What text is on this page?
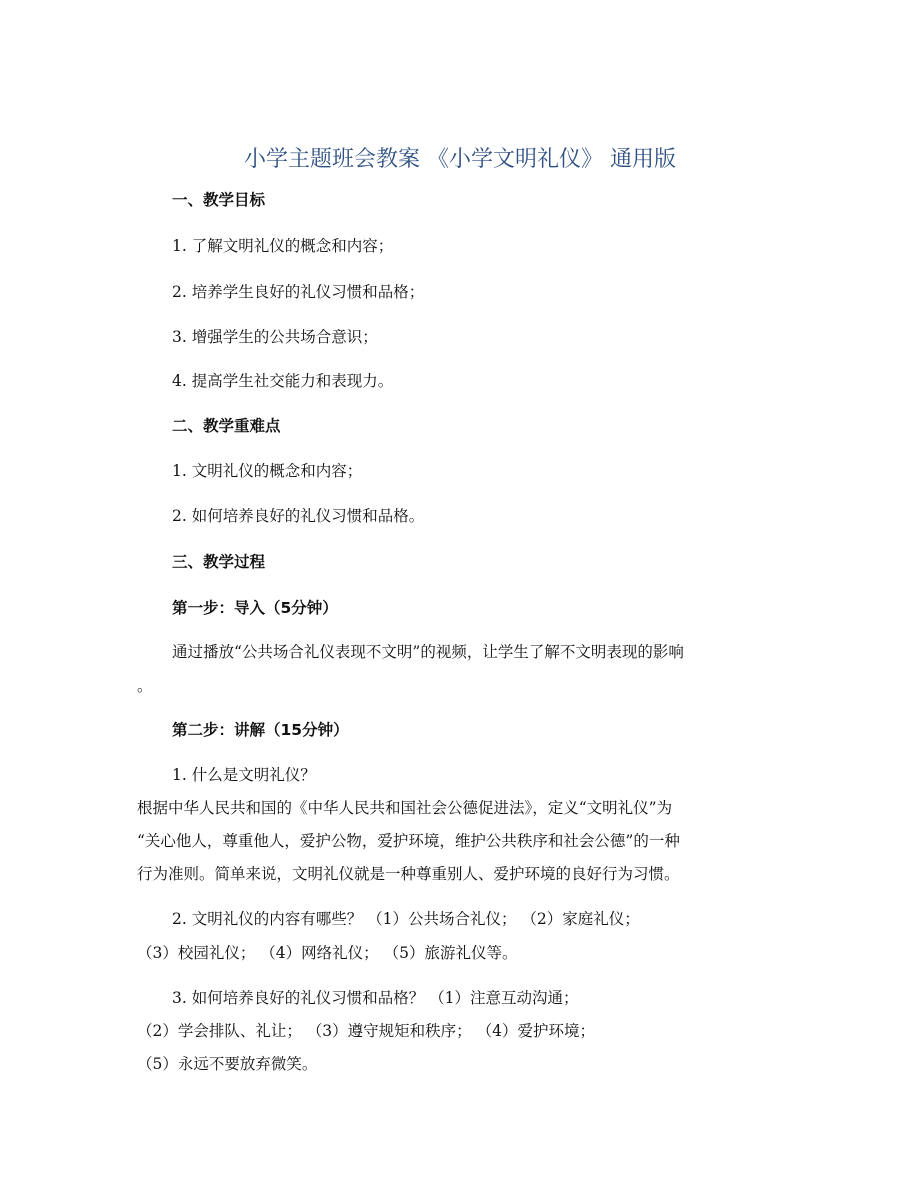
小学主题班会教案 《小学文明礼仪》 通用版
一、教学目标
1. 了解文明礼仪的概念和内容；
2. 培养学生良好的礼仪习惯和品格；
3. 增强学生的公共场合意识；
4. 提高学生社交能力和表现力。
二、教学重难点
1. 文明礼仪的概念和内容；
2. 如何培养良好的礼仪习惯和品格。
三、教学过程
第一步：导入（5分钟）
通过播放“公共场合礼仪表现不文明”的视频，让学生了解不文明表现的影响
。
第二步：讲解（15分钟）
1. 什么是文明礼仪？
根据中华人民共和国的《中华人民共和国社会公德促进法》，定义“文明礼仪”为
“关心他人，尊重他人，爱护公物，爱护环境，维护公共秩序和社会公德”的一种
行为准则。简单来说，文明礼仪就是一种尊重别人、爱护环境的良好行为习惯。
2. 文明礼仪的内容有哪些？ （1）公共场合礼仪； （2）家庭礼仪；
（3）校园礼仪； （4）网络礼仪； （5）旅游礼仪等。
3. 如何培养良好的礼仪习惯和品格？ （1）注意互动沟通；
（2）学会排队、礼让； （3）遵守规矩和秩序； （4）爱护环境；
（5）永远不要放弃微笑。
